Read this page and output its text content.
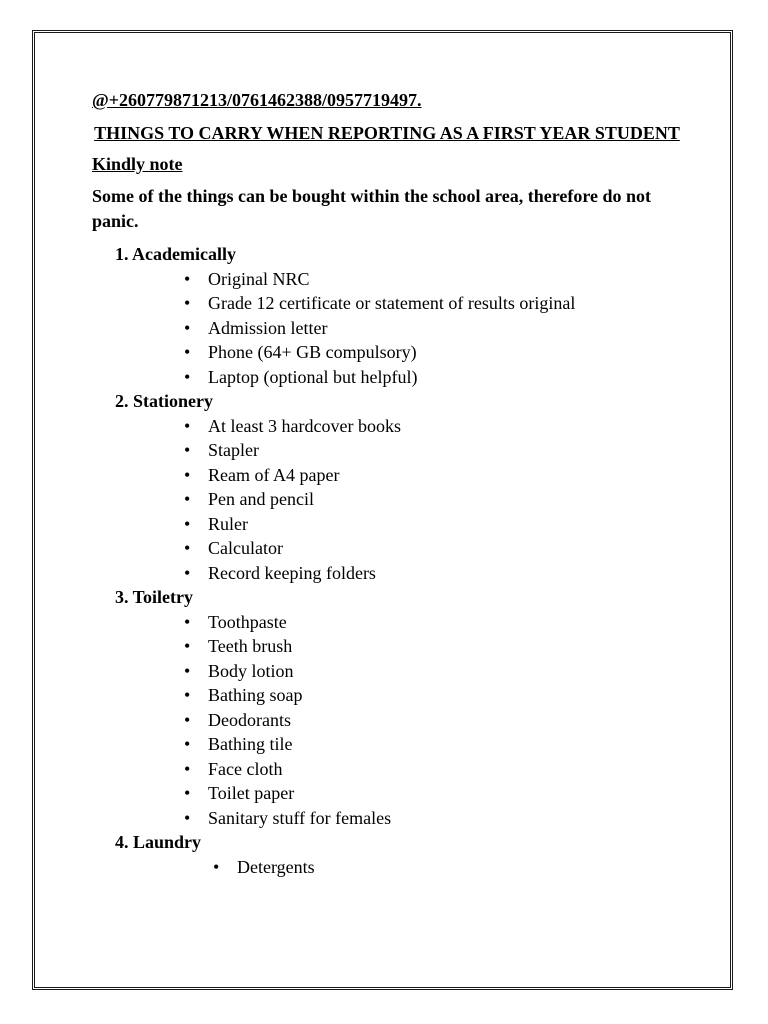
@+260779871213/0761462388/0957719497.

THINGS TO CARRY WHEN REPORTING AS A FIRST YEAR STUDENT

Kindly note

Some of the things can be bought within the school area, therefore do not panic.

1. Academically
• Original NRC
• Grade 12 certificate or statement of results original
• Admission letter
• Phone (64+ GB compulsory)
• Laptop (optional but helpful)
2. Stationery
• At least 3 hardcover books
• Stapler
• Ream of A4 paper
• Pen and pencil
• Ruler
• Calculator
• Record keeping folders
3. Toiletry
• Toothpaste
• Teeth brush
• Body lotion
• Bathing soap
• Deodorants
• Bathing tile
• Face cloth
• Toilet paper
• Sanitary stuff for females
4. Laundry
• Detergents
